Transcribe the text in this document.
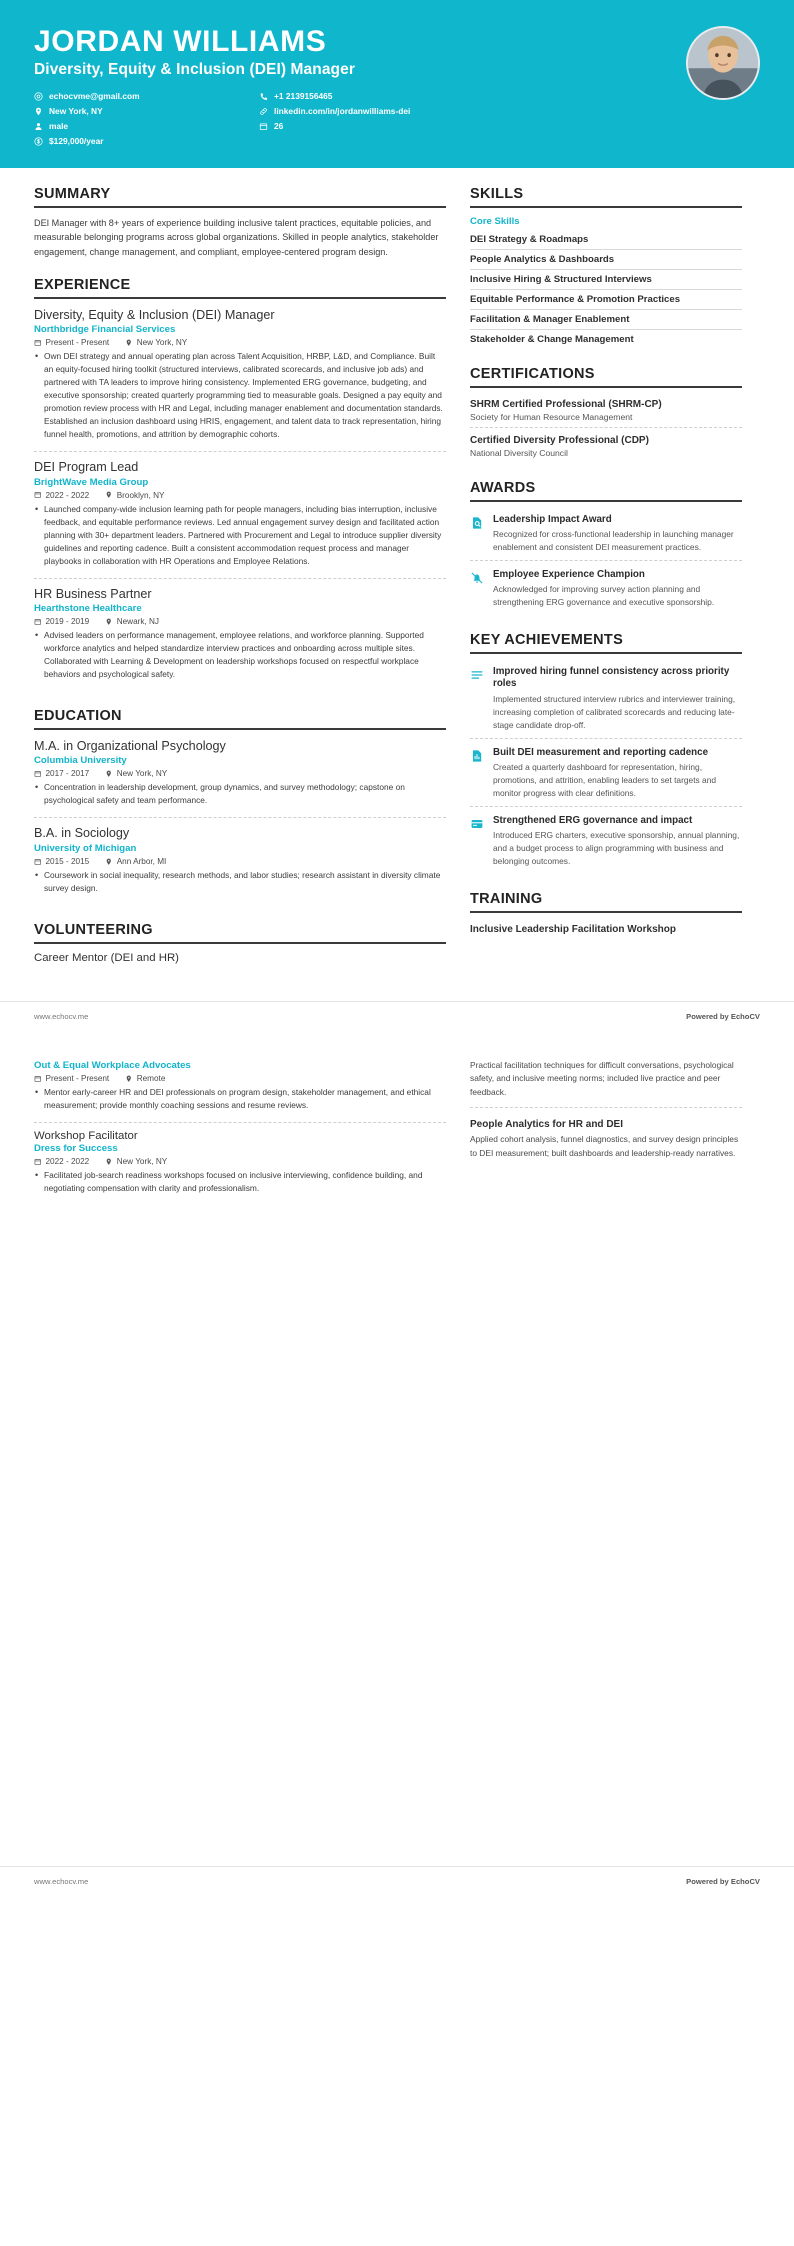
JORDAN WILLIAMS
Diversity, Equity & Inclusion (DEI) Manager
echocvme@gmail.com	+1 2139156465
New York, NY	linkedin.com/in/jordanwilliams-dei
male	26
$129,000/year
SUMMARY
DEI Manager with 8+ years of experience building inclusive talent practices, equitable policies, and measurable belonging programs across global organizations. Skilled in people analytics, stakeholder engagement, change management, and compliant, employee-centered program design.
EXPERIENCE
Diversity, Equity & Inclusion (DEI) Manager
Northbridge Financial Services
Present - Present	New York, NY
• Own DEI strategy and annual operating plan across Talent Acquisition, HRBP, L&D, and Compliance. Built an equity-focused hiring toolkit (structured interviews, calibrated scorecards, and inclusive job ads) and partnered with TA leaders to improve hiring consistency. Implemented ERG governance, budgeting, and executive sponsorship; created quarterly programming tied to measurable goals. Designed a pay equity and promotion review process with HR and Legal, including manager enablement and documentation standards. Established an inclusion dashboard using HRIS, engagement, and talent data to track representation, hiring funnel health, promotions, and attrition by demographic cohorts.
DEI Program Lead
BrightWave Media Group
2022 - 2022	Brooklyn, NY
• Launched company-wide inclusion learning path for people managers, including bias interruption, inclusive feedback, and equitable performance reviews. Led annual engagement survey design and facilitated action planning with 30+ department leaders. Partnered with Procurement and Legal to introduce supplier diversity guidelines and reporting cadence. Built a consistent accommodation request process and manager playbooks in collaboration with HR Operations and Employee Relations.
HR Business Partner
Hearthstone Healthcare
2019 - 2019	Newark, NJ
• Advised leaders on performance management, employee relations, and workforce planning. Supported workforce analytics and helped standardize interview practices and onboarding across multiple sites. Collaborated with Learning & Development on leadership workshops focused on respectful workplace behaviors and psychological safety.
EDUCATION
M.A. in Organizational Psychology
Columbia University
2017 - 2017	New York, NY
• Concentration in leadership development, group dynamics, and survey methodology; capstone on psychological safety and team performance.
B.A. in Sociology
University of Michigan
2015 - 2015	Ann Arbor, MI
• Coursework in social inequality, research methods, and labor studies; research assistant in diversity climate survey design.
VOLUNTEERING
Career Mentor (DEI and HR)
SKILLS
Core Skills
DEI Strategy & Roadmaps
People Analytics & Dashboards
Inclusive Hiring & Structured Interviews
Equitable Performance & Promotion Practices
Facilitation & Manager Enablement
Stakeholder & Change Management
CERTIFICATIONS
SHRM Certified Professional (SHRM-CP)
Society for Human Resource Management
Certified Diversity Professional (CDP)
National Diversity Council
AWARDS
Leadership Impact Award
Recognized for cross-functional leadership in launching manager enablement and consistent DEI measurement practices.
Employee Experience Champion
Acknowledged for improving survey action planning and strengthening ERG governance and executive sponsorship.
KEY ACHIEVEMENTS
Improved hiring funnel consistency across priority roles
Implemented structured interview rubrics and interviewer training, increasing completion of calibrated scorecards and reducing late-stage candidate drop-off.
Built DEI measurement and reporting cadence
Created a quarterly dashboard for representation, hiring, promotions, and attrition, enabling leaders to set targets and monitor progress with clear definitions.
Strengthened ERG governance and impact
Introduced ERG charters, executive sponsorship, annual planning, and a budget process to align programming with business and belonging outcomes.
TRAINING
Inclusive Leadership Facilitation Workshop
www.echocv.me	Powered by EchoCV
Out & Equal Workplace Advocates
Present - Present	Remote
• Mentor early-career HR and DEI professionals on program design, stakeholder management, and ethical measurement; provide monthly coaching sessions and resume reviews.
Workshop Facilitator
Dress for Success
2022 - 2022	New York, NY
• Facilitated job-search readiness workshops focused on inclusive interviewing, confidence building, and negotiating compensation with clarity and professionalism.
Practical facilitation techniques for difficult conversations, psychological safety, and inclusive meeting norms; included live practice and peer feedback.
People Analytics for HR and DEI
Applied cohort analysis, funnel diagnostics, and survey design principles to DEI measurement; built dashboards and leadership-ready narratives.
www.echocv.me	Powered by EchoCV
